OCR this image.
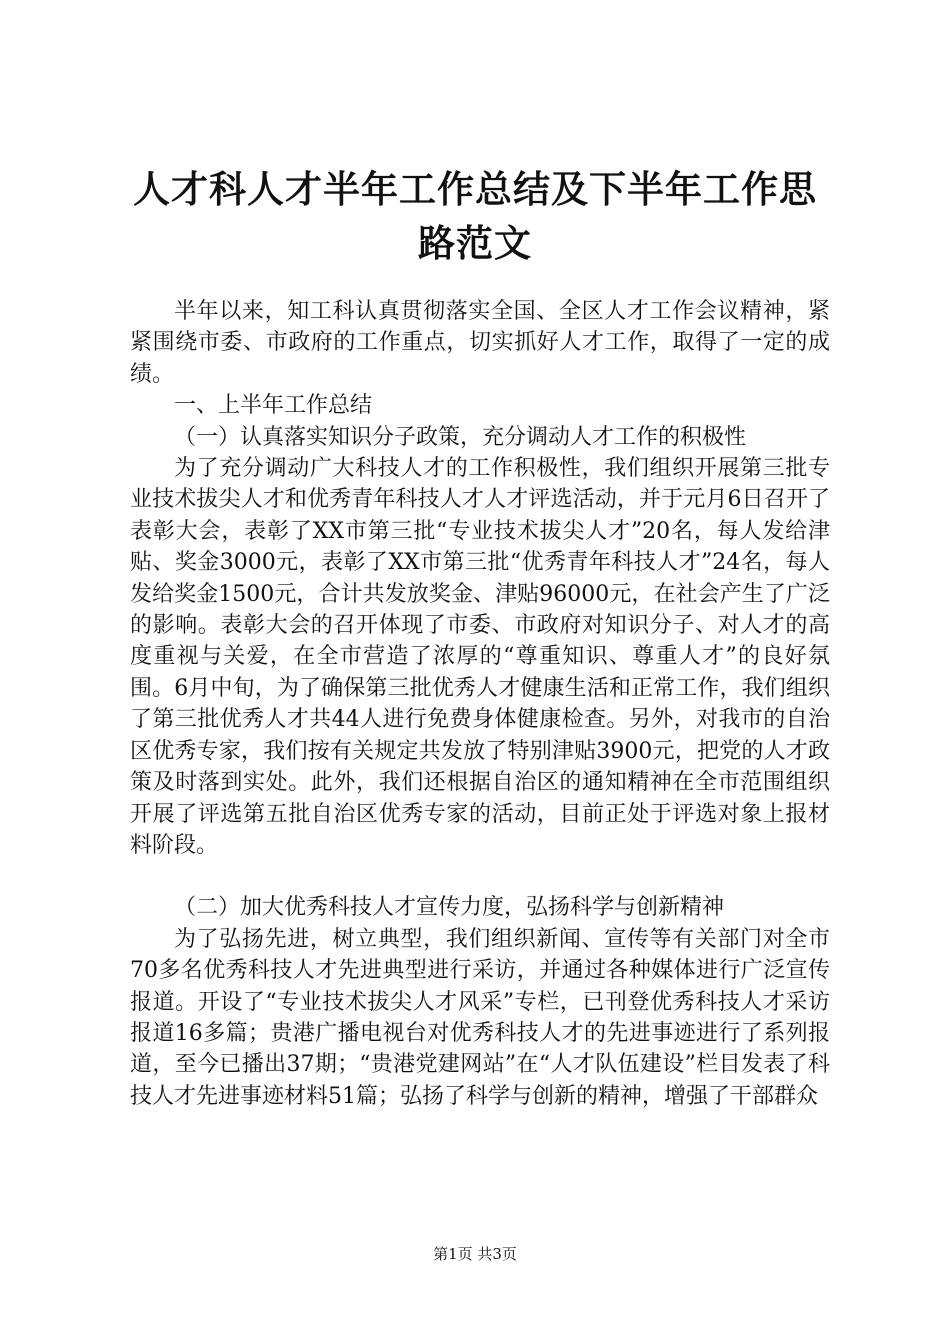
人才科人才半年工作总结及下半年工作思路范文

半年以来，知工科认真贯彻落实全国、全区人才工作会议精神，紧紧围绕市委、市政府的工作重点，切实抓好人才工作，取得了一定的成绩。

一、上半年工作总结

（一）认真落实知识分子政策，充分调动人才工作的积极性

为了充分调动广大科技人才的工作积极性，我们组织开展第三批专业技术拔尖人才和优秀青年科技人才人才评选活动，并于元月6日召开了表彰大会，表彰了XX市第三批“专业技术拔尖人才”20名，每人发给津贴、奖金3000元，表彰了XX市第三批“优秀青年科技人才”24名，每人发给奖金1500元，合计共发放奖金、津贴96000元，在社会产生了广泛的影响。表彰大会的召开体现了市委、市政府对知识分子、对人才的高度重视与关爱，在全市营造了浓厚的“尊重知识、尊重人才”的良好氛围。6月中旬，为了确保第三批优秀人才健康生活和正常工作，我们组织了第三批优秀人才共44人进行免费身体健康检查。另外，对我市的自治区优秀专家，我们按有关规定共发放了特别津贴3900元，把党的人才政策及时落到实处。此外，我们还根据自治区的通知精神在全市范围组织开展了评选第五批自治区优秀专家的活动，目前正处于评选对象上报材料阶段。

（二）加大优秀科技人才宣传力度，弘扬科学与创新精神

为了弘扬先进，树立典型，我们组织新闻、宣传等有关部门对全市70多名优秀科技人才先进典型进行采访，并通过各种媒体进行广泛宣传报道。开设了“专业技术拔尖人才风采”专栏，已刊登优秀科技人才采访报道16多篇；贵港广播电视台对优秀科技人才的先进事迹进行了系列报道，至今已播出37期；“贵港党建网站”在“人才队伍建设”栏目发表了科技人才先进事迹材料51篇；弘扬了科学与创新的精神，增强了干部群众

第1页 共3页
